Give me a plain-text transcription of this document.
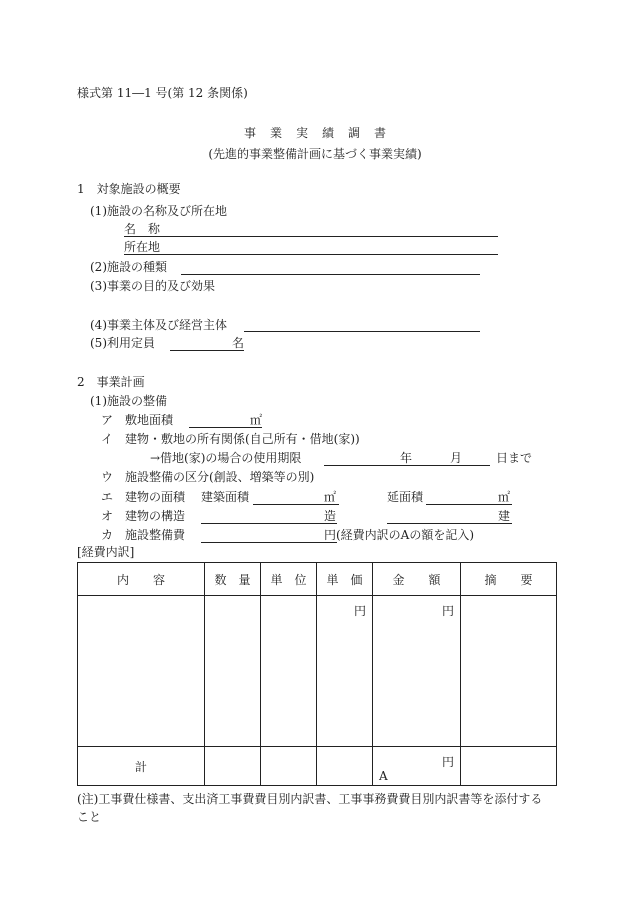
様式第 11―1 号(第 12 条関係)
事業実績調書
(先進的事業整備計画に基づく事業実績)
1　対象施設の概要
(1)施設の名称及び所在地
名　称
所在地
(2)施設の種類
(3)事業の目的及び効果
(4)事業主体及び経営主体
(5)利用定員	名
2　事業計画
(1)施設の整備
ア　敷地面積	㎡
イ　建物・敷地の所有関係(自己所有・借地(家))
→借地(家)の場合の使用期限	年	月	日まで
ウ　施設整備の区分(創設、増築等の別)
エ　建物の面積 建築面積	㎡	延面積	㎡
オ　建物の構造	造	建
カ　施設整備費	円(経費内訳のAの額を記入)
[経費内訳]
内　　容	数　量	単　位	単　価	金　　額	摘　　要

			円	円	

計				円
A	

(注)工事費仕様書、支出済工事費費目別内訳書、工事事務費費目別内訳書等を添付する
こと
